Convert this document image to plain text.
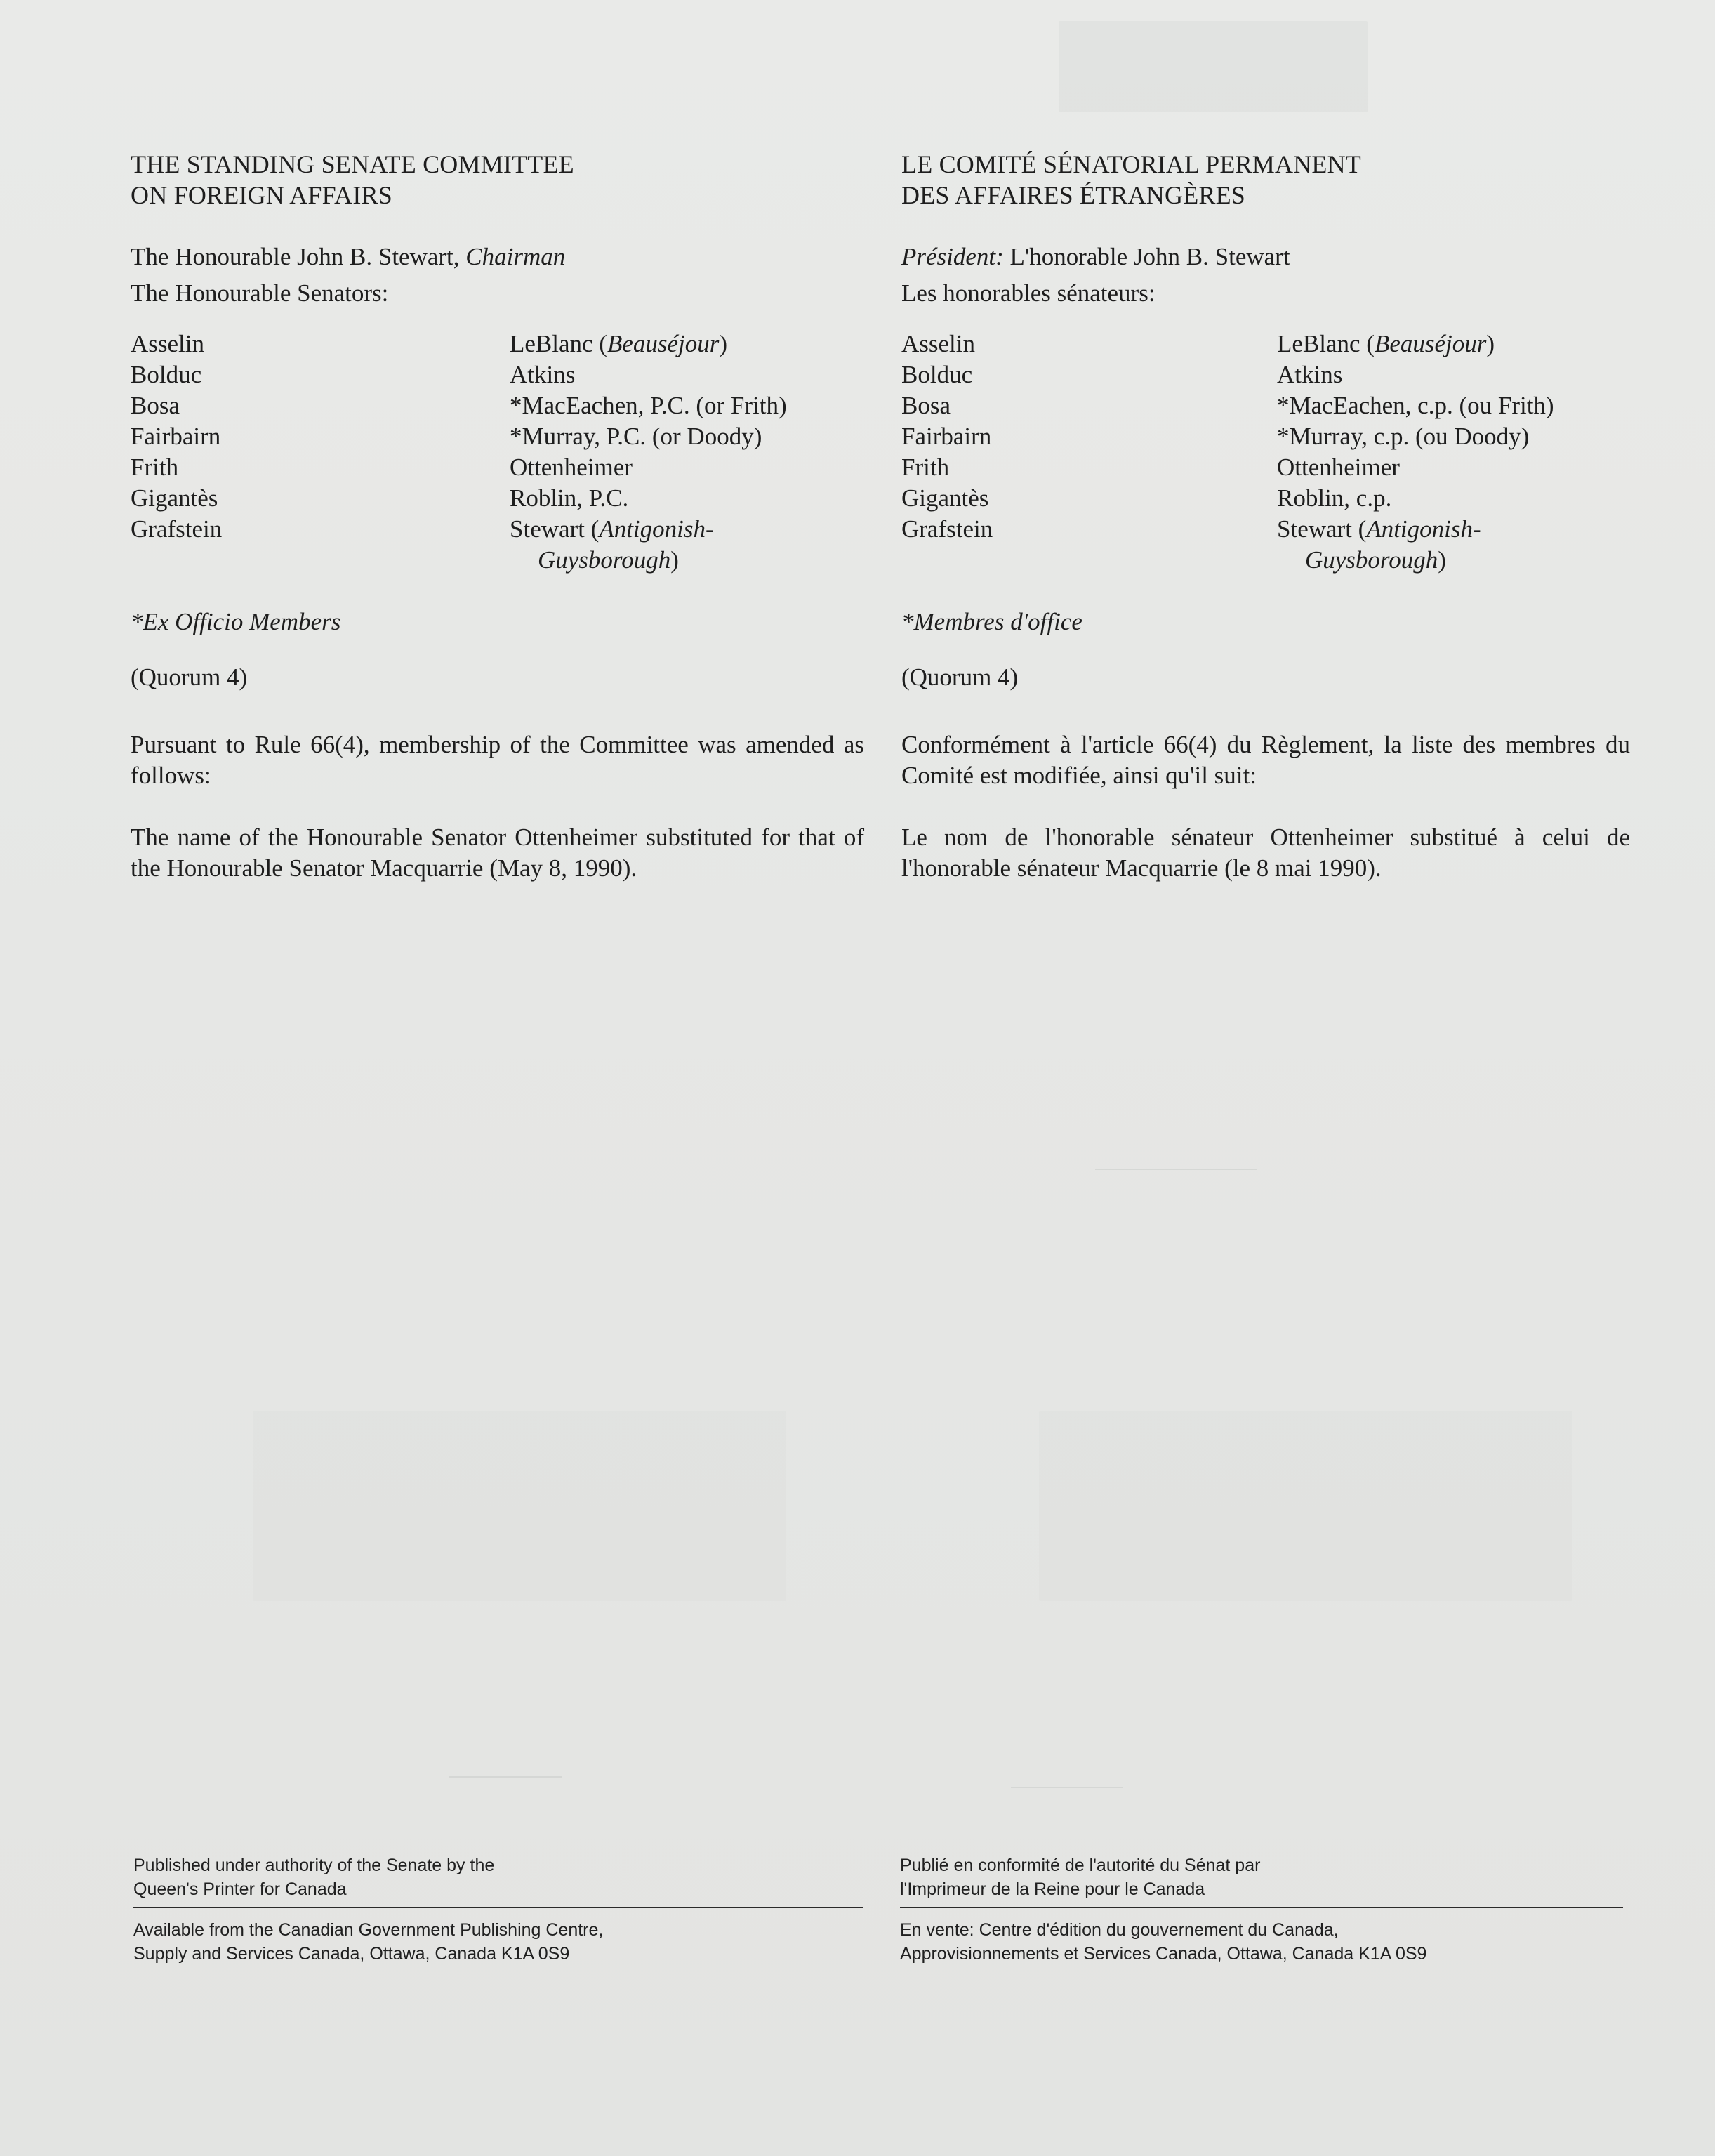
THE STANDING SENATE COMMITTEE
ON FOREIGN AFFAIRS

The Honourable John B. Stewart, Chairman

The Honourable Senators:

Asselin
Bolduc
Bosa
Fairbairn
Frith
Gigantès
Grafstein
LeBlanc (Beauséjour)
Atkins
*MacEachen, P.C. (or Frith)
*Murray, P.C. (or Doody)
Ottenheimer
Roblin, P.C.
Stewart (Antigonish-
Guysborough)

*Ex Officio Members

(Quorum 4)

Pursuant to Rule 66(4), membership of the Committee was amended as follows:

The name of the Honourable Senator Ottenheimer substituted for that of the Honourable Senator Macquarrie (May 8, 1990).

LE COMITÉ SÉNATORIAL PERMANENT
DES AFFAIRES ÉTRANGÈRES

Président: L'honorable John B. Stewart

Les honorables sénateurs:

Asselin
Bolduc
Bosa
Fairbairn
Frith
Gigantès
Grafstein
LeBlanc (Beauséjour)
Atkins
*MacEachen, c.p. (ou Frith)
*Murray, c.p. (ou Doody)
Ottenheimer
Roblin, c.p.
Stewart (Antigonish-
Guysborough)

*Membres d'office

(Quorum 4)

Conformément à l'article 66(4) du Règlement, la liste des membres du Comité est modifiée, ainsi qu'il suit:

Le nom de l'honorable sénateur Ottenheimer substitué à celui de l'honorable sénateur Macquarrie (le 8 mai 1990).

Published under authority of the Senate by the

Queen's Printer for Canada

Available from the Canadian Government Publishing Centre,

Supply and Services Canada, Ottawa, Canada K1A 0S9

Publié en conformité de l'autorité du Sénat par

l'Imprimeur de la Reine pour le Canada

En vente: Centre d'édition du gouvernement du Canada,

Approvisionnements et Services Canada, Ottawa, Canada K1A 0S9
